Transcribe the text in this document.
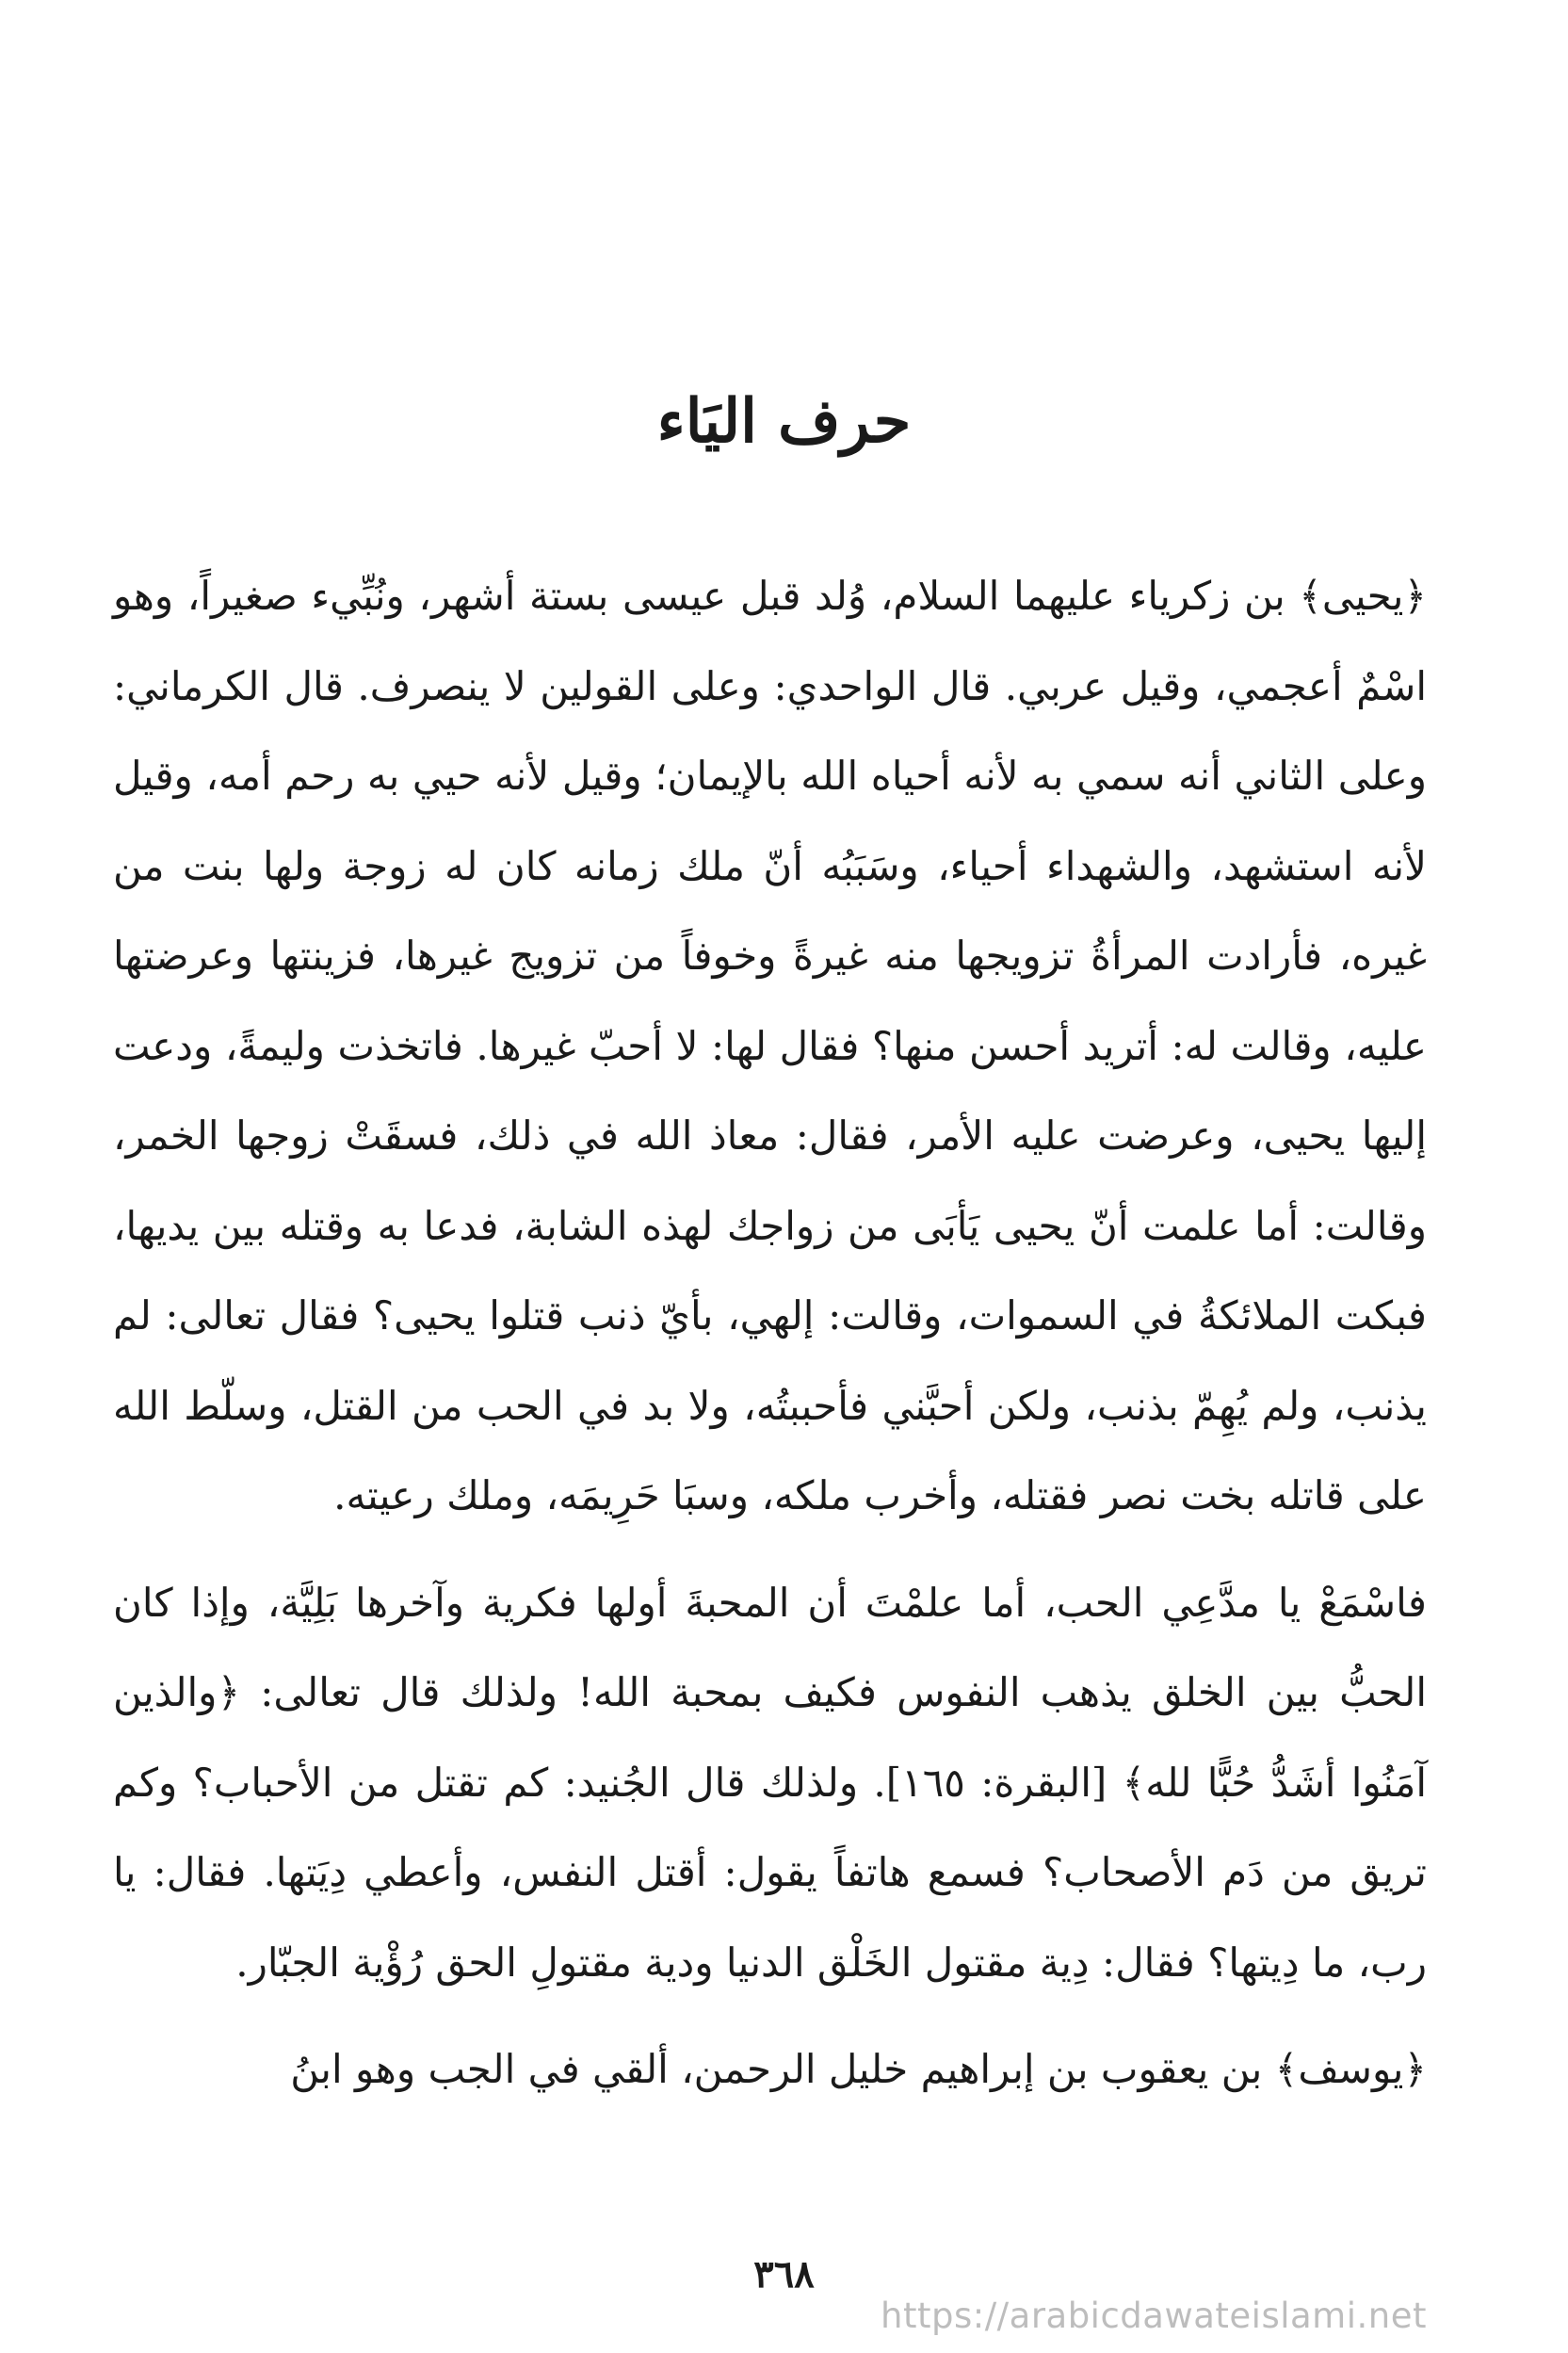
حرف اليَاء

﴿يحيى﴾ بن زكرياء عليهما السلام، وُلد قبل عيسى بستة أشهر، ونُبِّيء صغيراً، وهو اسْمٌ أعجمي، وقيل عربي. قال الواحدي: وعلى القولين لا ينصرف. قال الكرماني: وعلى الثاني أنه سمي به لأنه أحياه الله بالإيمان؛ وقيل لأنه حيي به رحم أمه، وقيل لأنه استشهد، والشهداء أحياء، وسَبَبُه أنّ ملك زمانه كان له زوجة ولها بنت من غيره، فأرادت المرأةُ تزويجها منه غيرةً وخوفاً من تزويج غيرها، فزينتها وعرضتها عليه، وقالت له: أتريد أحسن منها؟ فقال لها: لا أحبّ غيرها. فاتخذت وليمةً، ودعت إليها يحيى، وعرضت عليه الأمر، فقال: معاذ الله في ذلك، فسقَتْ زوجها الخمر، وقالت: أما علمت أنّ يحيى يَأبَى من زواجك لهذه الشابة، فدعا به وقتله بين يديها، فبكت الملائكةُ في السموات، وقالت: إلهي، بأيّ ذنب قتلوا يحيى؟ فقال تعالى: لم يذنب، ولم يُهِمّ بذنب، ولكن أحبَّني فأحببتُه، ولا بد في الحب من القتل، وسلّط الله على قاتله بخت نصر فقتله، وأخرب ملكه، وسبَا حَرِيمَه، وملك رعيته.

فاسْمَعْ يا مدَّعِي الحب، أما علمْتَ أن المحبةَ أولها فكرية وآخرها بَلِيَّة، وإذا كان الحبُّ بين الخلق يذهب النفوس فكيف بمحبة الله! ولذلك قال تعالى: ﴿والذين آمَنُوا أشَدُّ حُبًّا لله﴾ [البقرة: ١٦٥]. ولذلك قال الجُنيد: كم تقتل من الأحباب؟ وكم تريق من دَم الأصحاب؟ فسمع هاتفاً يقول: أقتل النفس، وأعطي دِيَتها. فقال: يا رب، ما دِيتها؟ فقال: دِية مقتول الخَلْق الدنيا ودية مقتولِ الحق رُؤْية الجبّار.

﴿يوسف﴾ بن يعقوب بن إبراهيم خليل الرحمن، ألقي في الجب وهو ابنُ

٣٦٨
https://arabicdawateislami.net
